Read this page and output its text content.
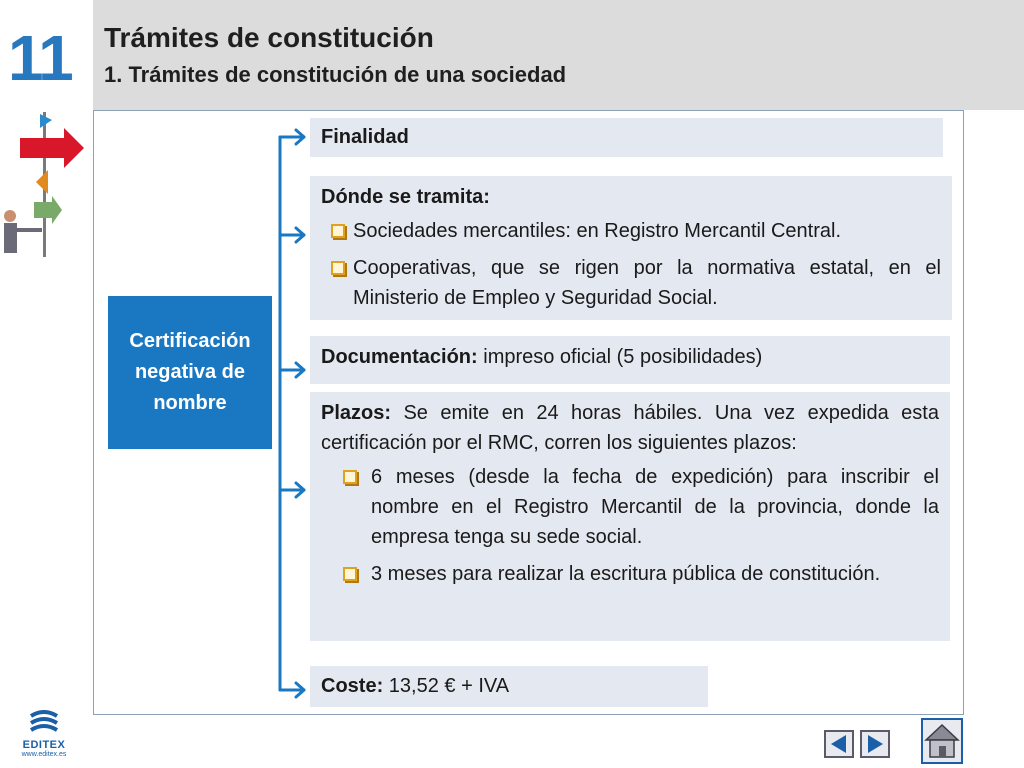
11	Trámites de constitución
1. Trámites de constitución de una sociedad
Certificación
negativa de
nombre
Finalidad
Dónde se tramita:
Sociedades mercantiles: en Registro Mercantil Central.
Cooperativas, que se rigen por la normativa estatal, en el Ministerio de Empleo y Seguridad Social.
Documentación: impreso oficial (5 posibilidades)
Plazos: Se emite en 24 horas hábiles. Una vez expedida esta certificación por el RMC, corren los siguientes plazos:
6 meses (desde la fecha de expedición) para inscribir el nombre en el Registro Mercantil de la provincia, donde la empresa tenga su sede social.
3 meses para realizar la escritura pública de constitución.
Coste: 13,52 € + IVA
EDITEX
www.editex.es
